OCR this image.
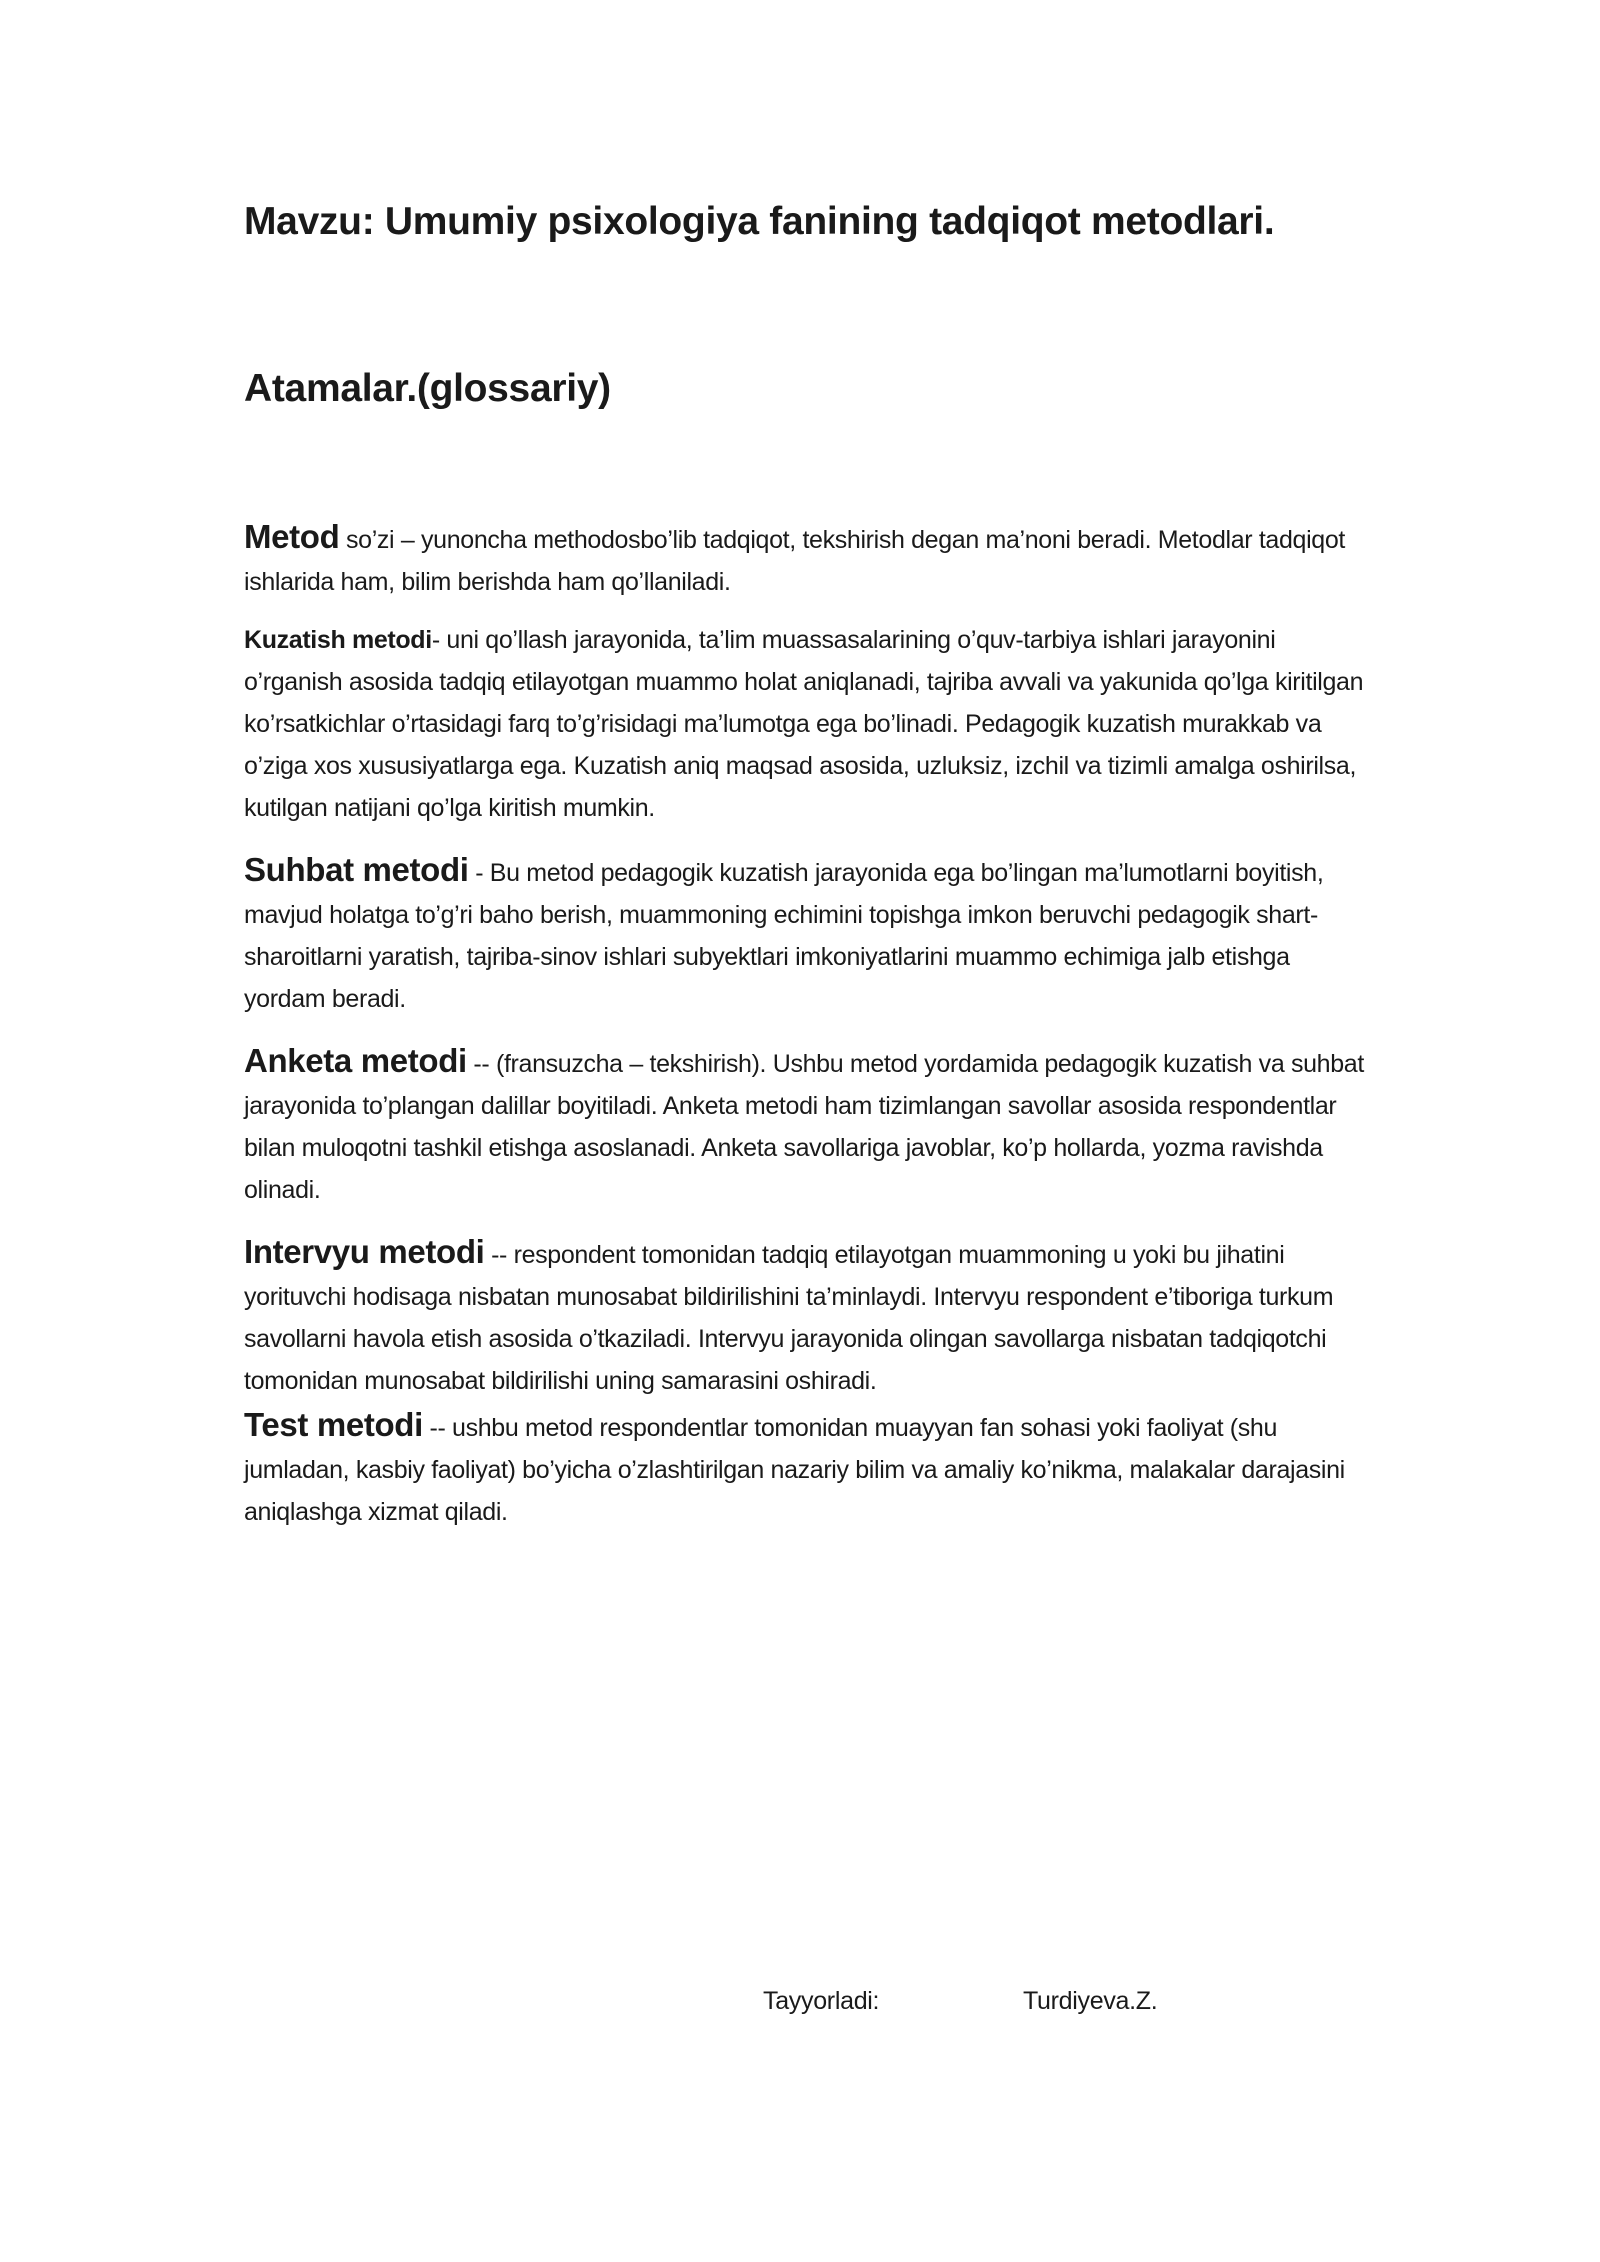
Mavzu: Umumiy psixologiya fanining tadqiqot metodlari.
Atamalar.(glossariy)

Metod so’zi – yunoncha methodosbo’lib tadqiqot, tekshirish degan ma’noni beradi. Metodlar tadqiqot ishlarida ham, bilim berishda ham qo’llaniladi.

Kuzatish metodi- uni qo’llash jarayonida, ta’lim muassasalarining o’quv-tarbiya ishlari jarayonini o’rganish asosida tadqiq etilayotgan muammo holat aniqlanadi, tajriba avvali va yakunida qo’lga kiritilgan ko’rsatkichlar o’rtasidagi farq to’g’risidagi ma’lumotga ega bo’linadi. Pedagogik kuzatish murakkab va o’ziga xos xususiyatlarga ega. Kuzatish aniq maqsad asosida, uzluksiz, izchil va tizimli amalga oshirilsa, kutilgan natijani qo’lga kiritish mumkin.

Suhbat metodi - Bu metod pedagogik kuzatish jarayonida ega bo’lingan ma’lumotlarni boyitish, mavjud holatga to’g’ri baho berish, muammoning echimini topishga imkon beruvchi pedagogik shart-sharoitlarni yaratish, tajriba-sinov ishlari subyektlari imkoniyatlarini muammo echimiga jalb etishga yordam beradi.

Anketa metodi -- (fransuzcha – tekshirish). Ushbu metod yordamida pedagogik kuzatish va suhbat jarayonida to’plangan dalillar boyitiladi. Anketa metodi ham tizimlangan savollar asosida respondentlar bilan muloqotni tashkil etishga asoslanadi. Anketa savollariga javoblar, ko’p hollarda, yozma ravishda olinadi.

Intervyu metodi -- respondent tomonidan tadqiq etilayotgan muammoning u yoki bu jihatini yorituvchi hodisaga nisbatan munosabat bildirilishini ta’minlaydi. Intervyu respondent e’tiboriga turkum savollarni havola etish asosida o’tkaziladi. Intervyu jarayonida olingan savollarga nisbatan tadqiqotchi tomonidan munosabat bildirilishi uning samarasini oshiradi.

Test metodi -- ushbu metod respondentlar tomonidan muayyan fan sohasi yoki faoliyat (shu jumladan, kasbiy faoliyat) bo’yicha o’zlashtirilgan nazariy bilim va amaliy ko’nikma, malakalar darajasini aniqlashga xizmat qiladi.

Tayyorladi:	Turdiyeva.Z.
